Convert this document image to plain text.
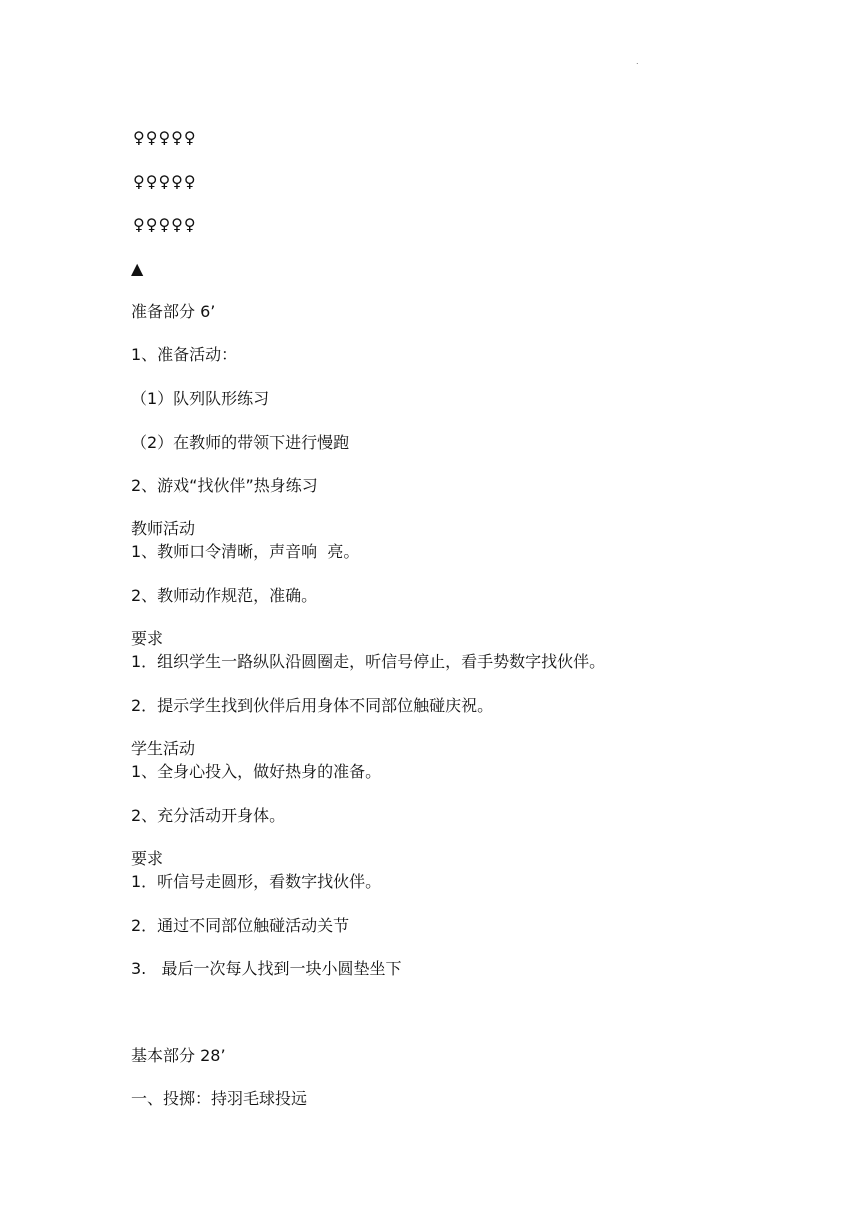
.
♀♀♀♀♀
♀♀♀♀♀
♀♀♀♀♀
▲
准备部分 6’
1、准备活动：
（1）队列队形练习
（2）在教师的带领下进行慢跑
2、游戏“找伙伴”热身练习
教师活动
1、教师口令清晰，声音响  亮。
2、教师动作规范，准确。
要求
1．组织学生一路纵队沿圆圈走，听信号停止，看手势数字找伙伴。
2．提示学生找到伙伴后用身体不同部位触碰庆祝。
学生活动
1、全身心投入，做好热身的准备。
2、充分活动开身体。
要求
1．听信号走圆形，看数字找伙伴。
2．通过不同部位触碰活动关节
3.   最后一次每人找到一块小圆垫坐下
基本部分 28’
一、投掷：持羽毛球投远
